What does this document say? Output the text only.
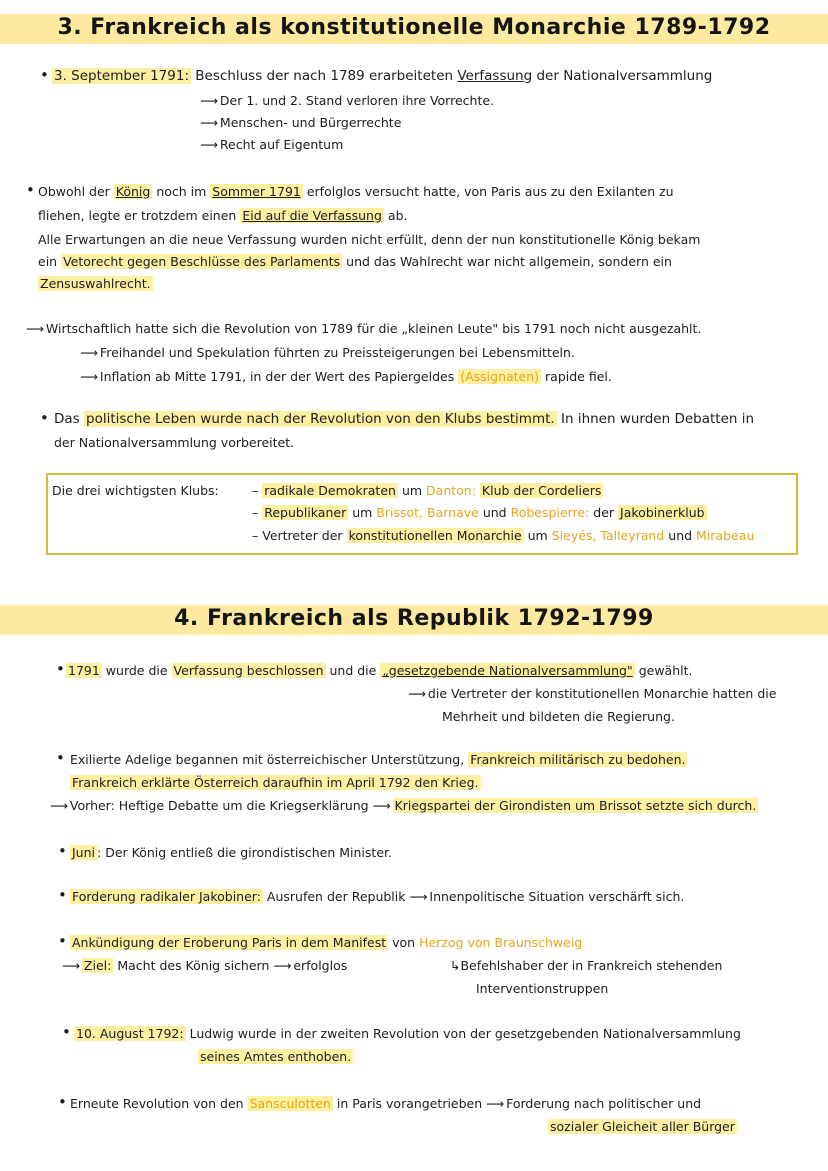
3. Frankreich als konstitutionelle Monarchie 1789-1792
• 3. September 1791: Beschluss der nach 1789 erarbeiteten Verfassung der Nationalversammlung
⟶ Der 1. und 2. Stand verloren ihre Vorrechte.
⟶ Menschen- und Bürgerrechte
⟶ Recht auf Eigentum
• Obwohl der König noch im Sommer 1791 erfolglos versucht hatte, von Paris aus zu den Exilanten zu
fliehen, legte er trotzdem einen Eid auf die Verfassung ab.
Alle Erwartungen an die neue Verfassung wurden nicht erfüllt, denn der nun konstitutionelle König bekam
ein Vetorecht gegen Beschlüsse des Parlaments und das Wahlrecht war nicht allgemein, sondern ein
Zensuswahlrecht.
⟶ Wirtschaftlich hatte sich die Revolution von 1789 für die „kleinen Leute" bis 1791 noch nicht ausgezahlt.
⟶ Freihandel und Spekulation führten zu Preissteigerungen bei Lebensmitteln.
⟶ Inflation ab Mitte 1791, in der der Wert des Papiergeldes (Assignaten) rapide fiel.
• Das politische Leben wurde nach der Revolution von den Klubs bestimmt. In ihnen wurden Debatten in
der Nationalversammlung vorbereitet.
Die drei wichtigsten Klubs:	– radikale Demokraten um Danton: Klub der Cordeliers
– Republikaner um Brissot, Barnave und Robespierre: der Jakobinerklub
– Vertreter der konstitutionellen Monarchie um Sieyés, Talleyrand und Mirabeau
4. Frankreich als Republik 1792-1799
• 1791 wurde die Verfassung beschlossen und die „gesetzgebende Nationalversammlung" gewählt.
⟶ die Vertreter der konstitutionellen Monarchie hatten die
Mehrheit und bildeten die Regierung.
• Exilierte Adelige begannen mit österreichischer Unterstützung, Frankreich militärisch zu bedohen.
Frankreich erklärte Österreich daraufhin im April 1792 den Krieg.
⟶ Vorher: Heftige Debatte um die Kriegserklärung ⟶ Kriegspartei der Girondisten um Brissot setzte sich durch.
• Juni : Der König entließ die girondistischen Minister.
• Forderung radikaler Jakobiner: Ausrufen der Republik ⟶ Innenpolitische Situation verschärft sich.
• Ankündigung der Eroberung Paris in dem Manifest von Herzog von Braunschweig
⟶ Ziel: Macht des König sichern ⟶ erfolglos	↳Befehlshaber der in Frankreich stehenden
Interventionstruppen
• 10. August 1792: Ludwig wurde in der zweiten Revolution von der gesetzgebenden Nationalversammlung
seines Amtes enthoben.
• Erneute Revolution von den Sansculotten in Paris vorangetrieben ⟶ Forderung nach politischer und
sozialer Gleicheit aller Bürger
